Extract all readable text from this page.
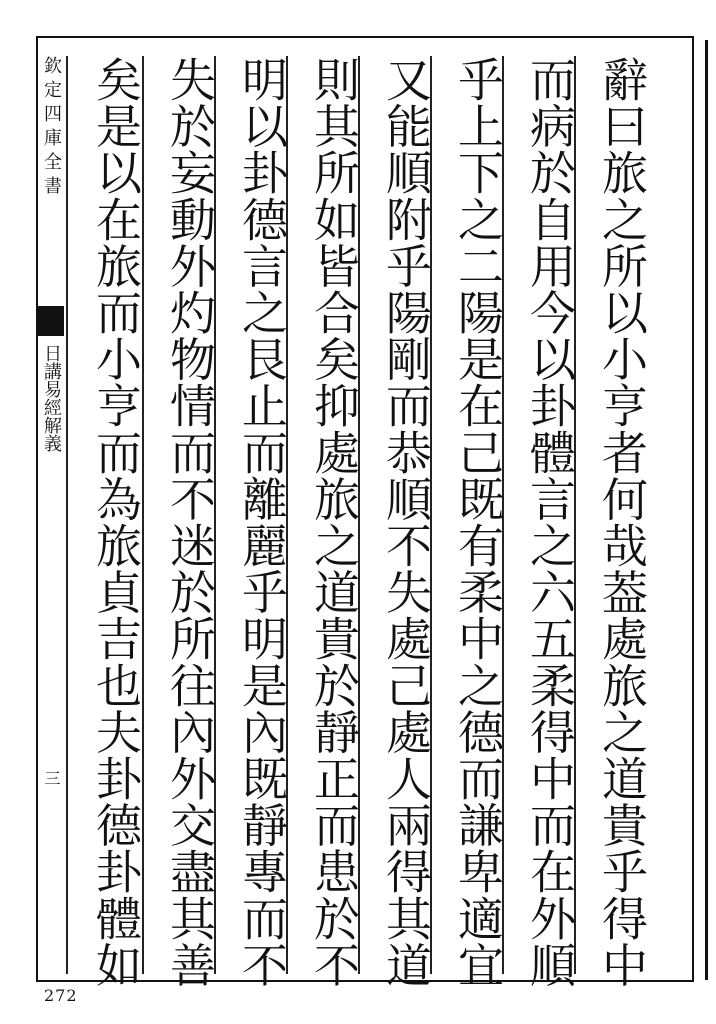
欽定四庫全書
日講易經解義
三	辭曰旅之所以小亨者何哉葢處旅之道貴乎得中
而病於自用今以卦體言之六五柔得中而在外順
乎上下之二陽是在己既有柔中之德而謙卑適宜
又能順附乎陽剛而恭順不失處己處人兩得其道
則其所如皆合矣抑處旅之道貴於靜正而患於不
明以卦德言之艮止而離麗乎明是內既靜專而不
失於妄動外灼物情而不迷於所往內外交盡其善
矣是以在旅而小亨而為旅貞吉也夫卦德卦體如
272
